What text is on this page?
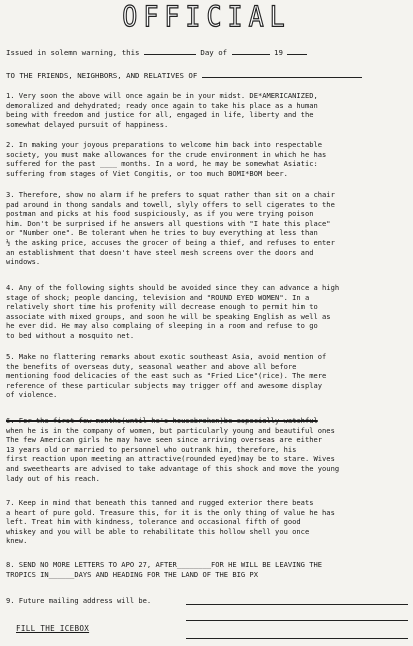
OFFICIAL
Issued in solemn warning, this	Day of	19
TO THE FRIENDS, NEIGHBORS, AND RELATIVES OF

1. Very soon the above will once again be in your midst. DE*AMERICANIZED,

demoralized and dehydrated; ready once again to take his place as a human

being with freedom and justice for all, engaged in life, liberty and the

somewhat delayed pursuit of happiness.

2. In making your joyous preparations to welcome him back into respectable

society, you must make allowances for the crude environment in which he has

suffered for the past ____ months. In a word, he may be somewhat Asiatic:

suffering from stages of Viet Congitis, or too much BOMI*BOM beer.

3. Therefore, show no alarm if he prefers to squat rather than sit on a chair

pad around in thong sandals and towell, slyly offers to sell cigerates to the

postman and picks at his food suspiciously, as if you were trying poison

him. Don't be surprised if he answers all questions with "I hate this place"

or "Number one". Be tolerant when he tries to buy everything at less than

½ the asking price, accuses the grocer of being a thief, and refuses to enter

an establishment that doesn't have steel mesh screens over the doors and

windows.

4. Any of the following sights should be avoided since they can advance a high

stage of shock; people dancing, television and "ROUND EYED WOMEN". In a

relatively short time his profenity will decrease enough to permit him to

associate with mixed groups, and soon he will be speaking English as well as

he ever did. He may also complaing of sleeping in a room and refuse to go

to bed without a mosquito net.

5. Make no flattering remarks about exotic southeast Asia, avoid mention of

the benefits of overseas duty, seasonal weather and above all before

mentioning food delicacies of the east such as "Fried Lice"(rice). The mere

reference of these particular subjects may trigger off and awesome display

of violence.

6. For the first few months(until he's housebroken)be especially watchful

when he is in the company of women, but particularly young and beautiful ones

The few American girls he may have seen since arriving overseas are either

13 years old or married to personnel who outrank him, therefore, his

first reaction upon meeting an attractive(rounded eyed)may be to stare. Wives

and sweethearts are advised to take advantage of this shock and move the young

lady out of his reach.

7. Keep in mind that beneath this tanned and rugged exterior there beats

a heart of pure gold. Treasure this, for it is the only thing of value he has

left. Treat him with kindness, tolerance and occasional fifth of good

whiskey and you will be able to rehabilitate this hollow shell you once

knew.

8. SEND NO MORE LETTERS TO APO 27, AFTER________FOR HE WILL BE LEAVING THE

TROPICS IN______DAYS AND HEADING FOR THE LAND OF THE BIG PX

9. Future mailing address will be.

FILL THE ICEBOX
